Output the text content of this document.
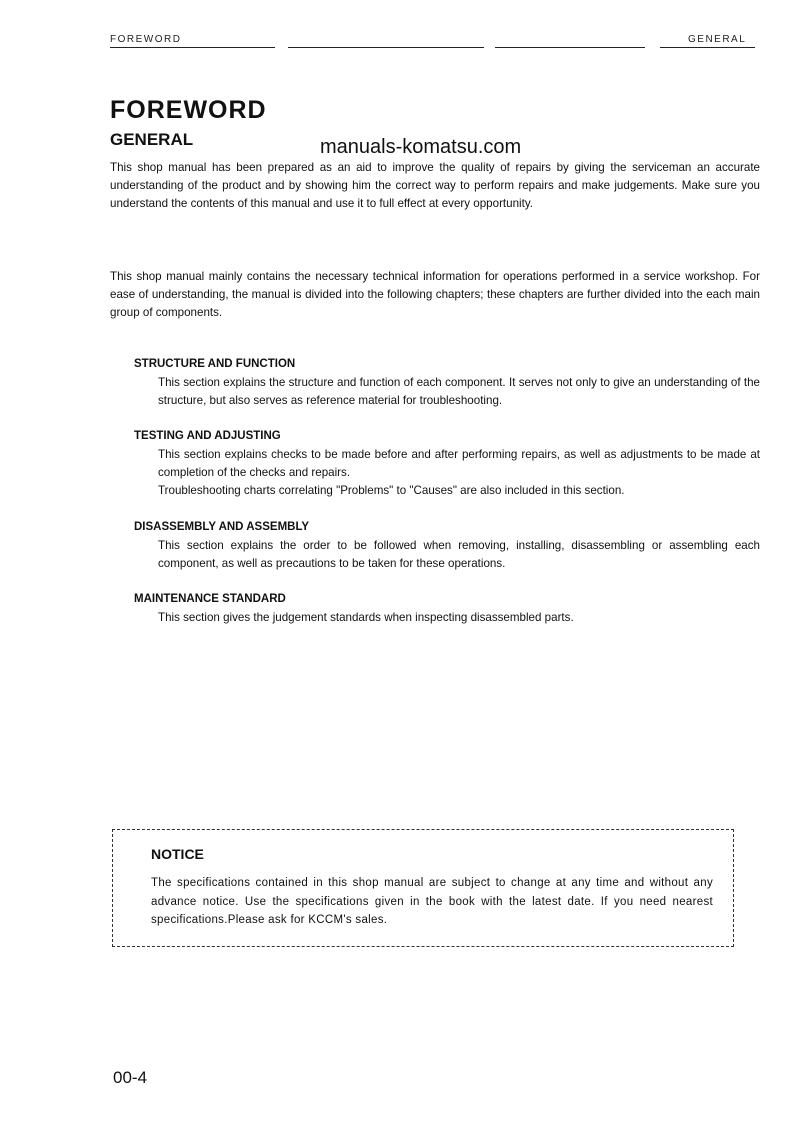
FOREWORD	GENERAL
FOREWORD
GENERAL	manuals-komatsu.com
This shop manual has been prepared as an aid to improve the quality of repairs by giving the serviceman an accurate understanding of the product and by showing him the correct way to perform repairs and make judgements. Make sure you understand the contents of this manual and use it to full effect at every opportunity.
This shop manual mainly contains the necessary technical information for operations performed in a service workshop. For ease of understanding, the manual is divided into the following chapters; these chapters are further divided into the each main group of components.
STRUCTURE AND FUNCTION
This section explains the structure and function of each component. It serves not only to give an understanding of the structure, but also serves as reference material for troubleshooting.
TESTING AND ADJUSTING
This section explains checks to be made before and after performing repairs, as well as adjustments to be made at completion of the checks and repairs.
Troubleshooting charts correlating "Problems" to "Causes" are also included in this section.
DISASSEMBLY AND ASSEMBLY
This section explains the order to be followed when removing, installing, disassembling or assembling each component, as well as precautions to be taken for these operations.
MAINTENANCE STANDARD
This section gives the judgement standards when inspecting disassembled parts.
NOTICE
The specifications contained in this shop manual are subject to change at any time and without any advance notice. Use the specifications given in the book with the latest date. If you need nearest specifications.Please ask for KCCM's sales.
00-4
